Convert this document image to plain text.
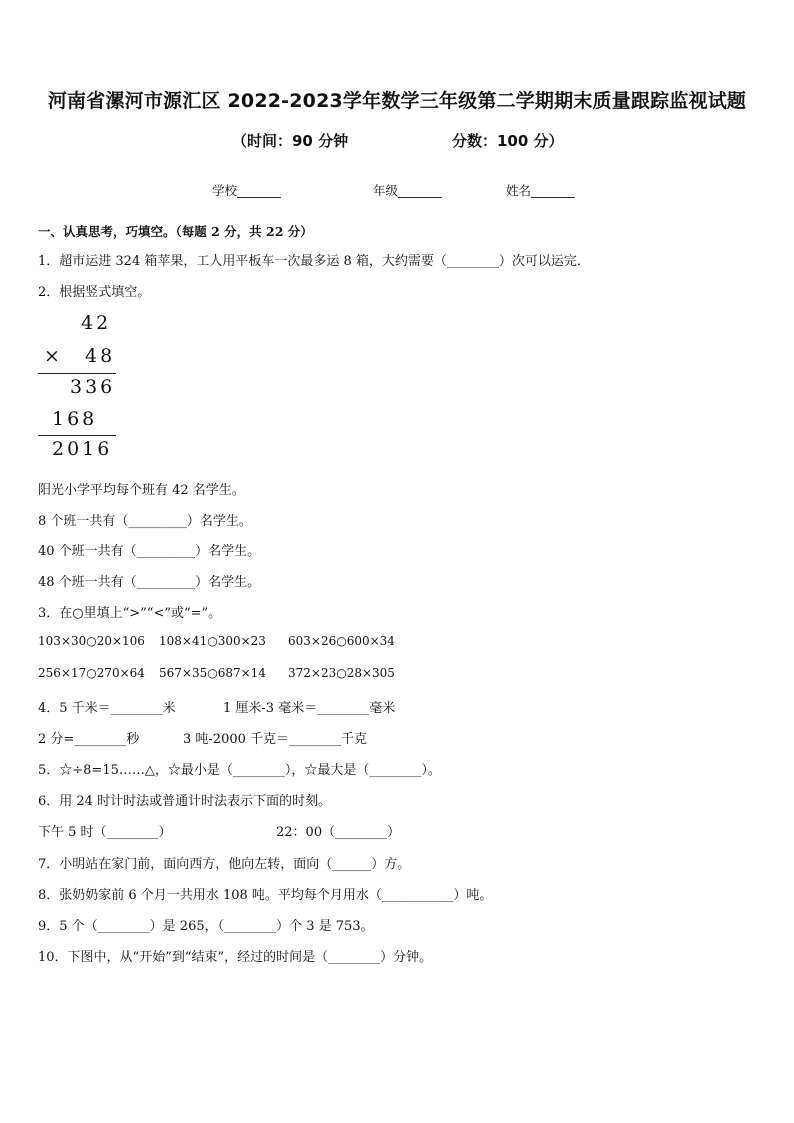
河南省漯河市源汇区 2022-2023学年数学三年级第二学期期末质量跟踪监视试题
（时间：90 分钟	分数：100 分）
学校_______	年级_______	姓名_______
一、认真思考，巧填空。（每题 2 分，共 22 分）
1．超市运进 324 箱苹果，工人用平板车一次最多运 8 箱，大约需要（________）次可以运完．
2．根据竖式填空。
42
× 48
336
168
2016
阳光小学平均每个班有 42 名学生。
8 个班一共有（_________）名学生。
40 个班一共有（_________）名学生。
48 个班一共有（_________）名学生。
3．在○里填上“>”“<”或“=”。
103×30○20×106 108×41○300×23 603×26○600×34
256×17○270×64 567×35○687×14 372×23○28×305
4．5 千米＝________米	1 厘米-3 毫米＝________毫米
2 分=________秒	3 吨-2000 千克＝________千克
5．☆÷8=15……△，☆最小是（________），☆最大是（________）。
6．用 24 时计时法或普通计时法表示下面的时刻。
下午 5 时（________）	22：00（________）
7．小明站在家门前，面向西方，他向左转，面向（______）方。
8．张奶奶家前 6 个月一共用水 108 吨。平均每个月用水（___________）吨。
9．5 个（________）是 265，（________）个 3 是 753。
10．下图中，从“开始”到“结束”，经过的时间是（________）分钟。
